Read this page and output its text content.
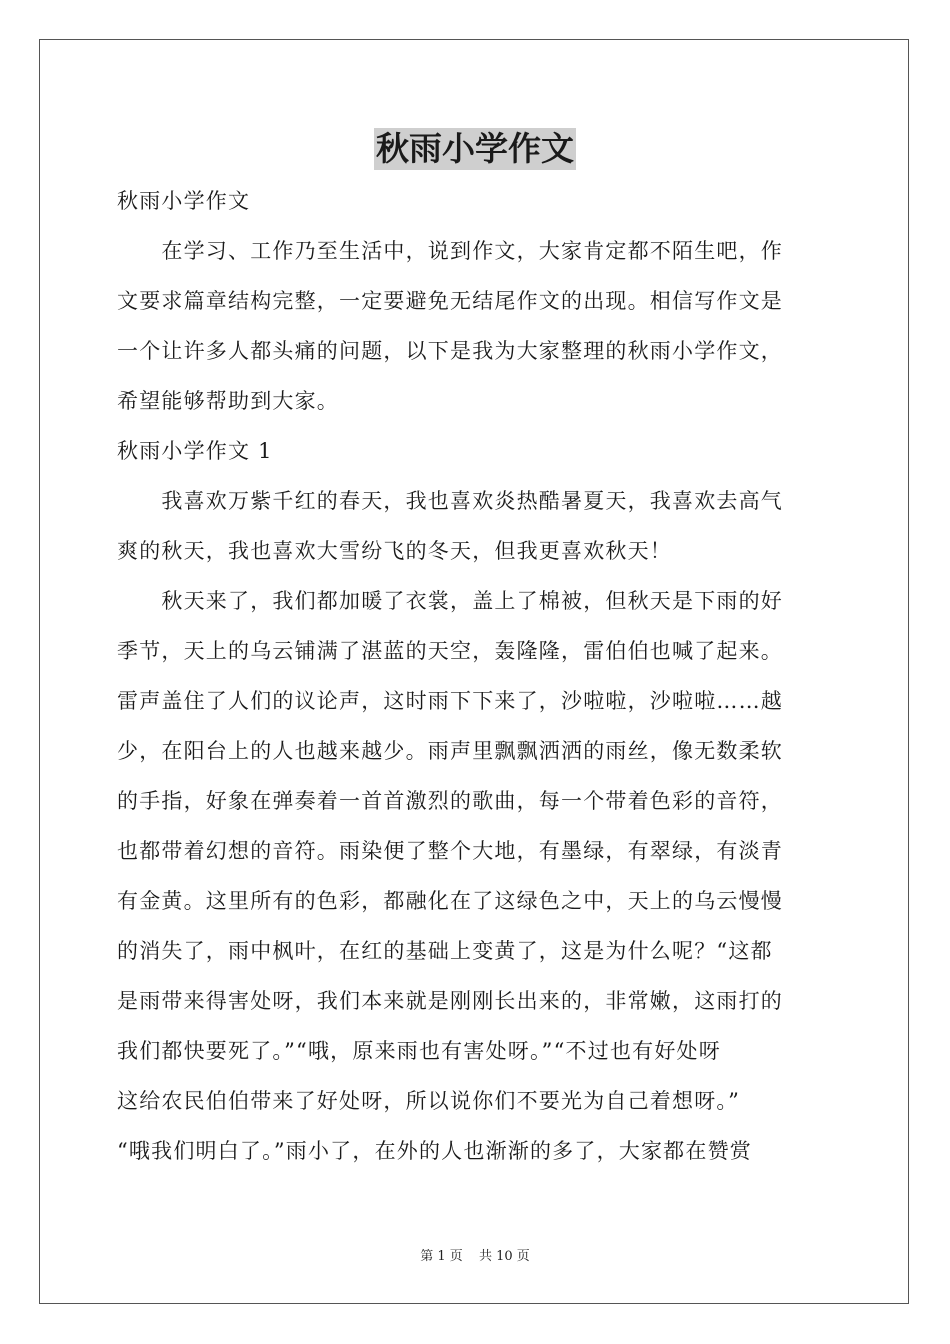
秋雨小学作文
秋雨小学作文
　　在学习、工作乃至生活中，说到作文，大家肯定都不陌生吧，作
文要求篇章结构完整，一定要避免无结尾作文的出现。相信写作文是
一个让许多人都头痛的问题，以下是我为大家整理的秋雨小学作文，
希望能够帮助到大家。
秋雨小学作文 1
　　我喜欢万紫千红的春天，我也喜欢炎热酷暑夏天，我喜欢去高气
爽的秋天，我也喜欢大雪纷飞的冬天，但我更喜欢秋天！
　　秋天来了，我们都加暖了衣裳，盖上了棉被，但秋天是下雨的好
季节，天上的乌云铺满了湛蓝的天空，轰隆隆，雷伯伯也喊了起来。
雷声盖住了人们的议论声，这时雨下下来了，沙啦啦，沙啦啦……越
少，在阳台上的人也越来越少。雨声里飘飘洒洒的雨丝，像无数柔软
的手指，好象在弹奏着一首首激烈的歌曲，每一个带着色彩的音符，
也都带着幻想的音符。雨染便了整个大地，有墨绿，有翠绿，有淡青
有金黄。这里所有的色彩，都融化在了这绿色之中，天上的乌云慢慢
的消失了，雨中枫叶，在红的基础上变黄了，这是为什么呢？“这都
是雨带来得害处呀，我们本来就是刚刚长出来的，非常嫩，这雨打的
我们都快要死了。”“哦，原来雨也有害处呀。”“不过也有好处呀
这给农民伯伯带来了好处呀，所以说你们不要光为自己着想呀。”
“哦我们明白了。”雨小了，在外的人也渐渐的多了，大家都在赞赏
第 1 页 共 10 页
